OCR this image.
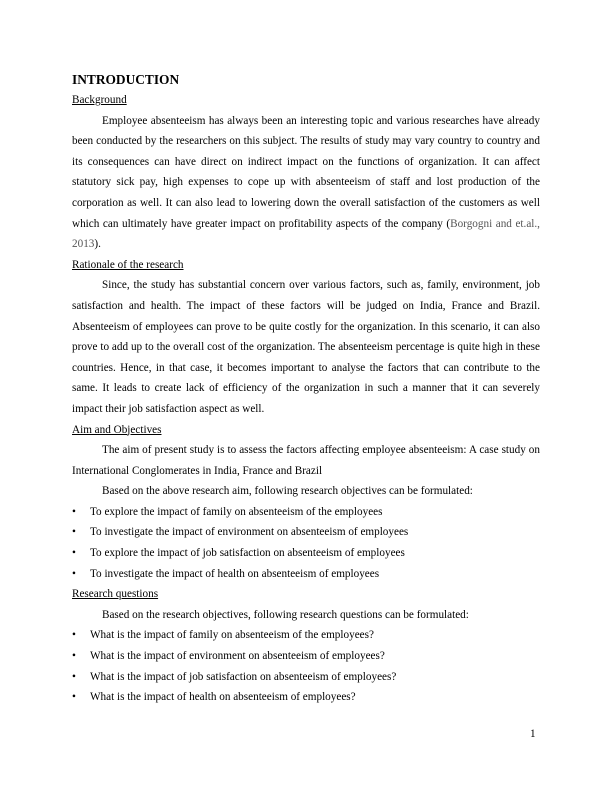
INTRODUCTION

Background

Employee absenteeism has always been an interesting topic and various researches have already been conducted by the researchers on this subject. The results of study may vary country to country and its consequences can have direct on indirect impact on the functions of organization. It can affect statutory sick pay, high expenses to cope up with absenteeism of staff and lost production of the corporation as well. It can also lead to lowering down the overall satisfaction of the customers as well which can ultimately have greater impact on profitability aspects of the company (Borgogni and et.al., 2013).

Rationale of the research

Since, the study has substantial concern over various factors, such as, family, environment, job satisfaction and health. The impact of these factors will be judged on India, France and Brazil. Absenteeism of employees can prove to be quite costly for the organization. In this scenario, it can also prove to add up to the overall cost of the organization. The absenteeism percentage is quite high in these countries. Hence, in that case, it becomes important to analyse the factors that can contribute to the same. It leads to create lack of efficiency of the organization in such a manner that it can severely impact their job satisfaction aspect as well.

Aim and Objectives

The aim of present study is to assess the factors affecting employee absenteeism: A case study on International Conglomerates in India, France and Brazil

Based on the above research aim, following research objectives can be formulated:

• To explore the impact of family on absenteeism of the employees
• To investigate the impact of environment on absenteeism of employees
• To explore the impact of job satisfaction on absenteeism of employees
• To investigate the impact of health on absenteeism of employees

Research questions

Based on the research objectives, following research questions can be formulated:

• What is the impact of family on absenteeism of the employees?
• What is the impact of environment on absenteeism of employees?
• What is the impact of job satisfaction on absenteeism of employees?
• What is the impact of health on absenteeism of employees?
1
